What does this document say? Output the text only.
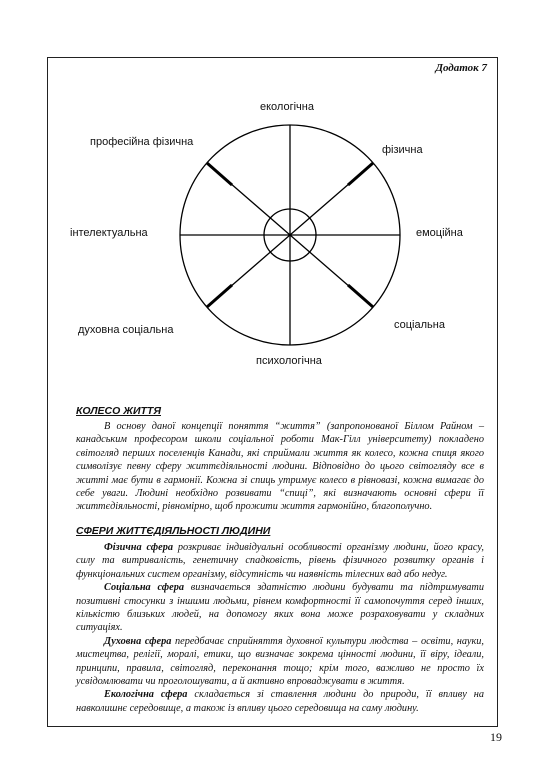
Додаток 7
екологічна
фізична
емоційна
соціальна
психологічна
духовна соціальна
інтелектуальна
професійна фізична
КОЛЕСО ЖИТТЯ

В основу даної концепції поняття “життя” (запропонованої Біллом Райном – канадським професором школи соціальної роботи Мак-Гілл університету) покладено світогляд перших поселенців Канади, які сприймали життя як колесо, кожна спиця якого символізує певну сферу життєдіяльності людини. Відповідно до цього світогляду все в житті має бути в гармонії. Кожна зі спиць утримує колесо в рівновазі, кожна вимагає до себе уваги. Людині необхідно розвивати “спиці”, які визначають основні сфери її життєдіяльності, рівномірно, щоб прожити життя гармонійно, благополучно.

СФЕРИ ЖИТТЄДІЯЛЬНОСТІ ЛЮДИНИ

Фізична сфера розкриває індивідуальні особливості організму людини, його красу, силу та витривалість, генетичну спадковість, рівень фізичного розвитку органів і функціональних систем організму, відсутність чи наявність тілесних вад або недуг.

Соціальна сфера визначається здатністю людини будувати та підтримувати позитивні стосунки з іншими людьми, рівнем комфортності її самопочуття серед інших, кількістю близьких людей, на допомогу яких вона може розраховувати у складних ситуаціях.

Духовна сфера передбачає сприйняття духовної культури людства – освіти, науки, мистецтва, релігії, моралі, етики, що визначає зокрема цінності людини, її віру, ідеали, принципи, правила, світогляд, переконання тощо; крім того, важливо не просто їх усвідомлювати чи проголошувати, а й активно впроваджувати в життя.

Екологічна сфера складається зі ставлення людини до природи, її впливу на навколишнє середовище, а також із впливу цього середовища на саму людину.

19
